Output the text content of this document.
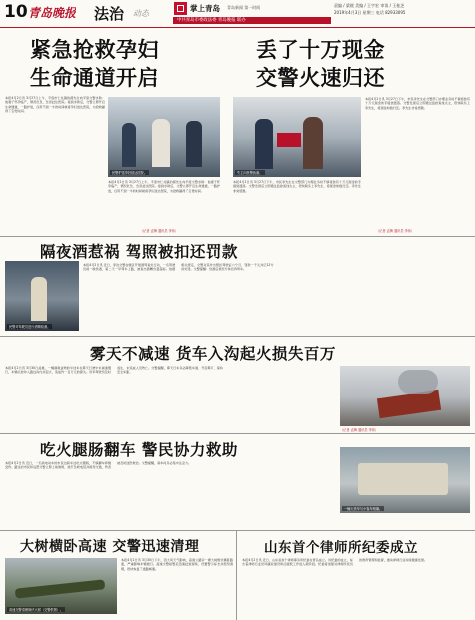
10 青岛晚报 法治 动态
掌上青岛 青岛新闻 第一时间	责编 / 梁媛 美编 / 王宇宏 审读 / 王桂芝
2019年4月3日 星期三 电话 82933095
中共青岛市委政法委 青岛晚报 联办
紧急抢救孕妇
生命通道开启
本报4月2日讯 3月27日上午，平度市仁兆镇的郝先生向平度交警求助：他妻子怀孕临产，情况危急，急需赶往医院。接到求助后，交警立即开启生命通道，一路护送，仅用不到一半的时间就将孕妇送达医院，为抢救赢得了宝贵时间。
民警护送孕妇抵达医院。
本报4月2日讯 3月27日上午，平度市仁兆镇的郝先生向平度交警求助：他妻子怀孕临产，情况危急，急需赶往医院。接到求助后，交警立即开启生命通道，一路护送，仅用不到一半的时间就将孕妇送达医院，为抢救赢得了宝贵时间。
（记者 孟梅 通讯员 李伟）
丢了十万现金
交警火速归还
失主向民警致谢。
本报4月2日讯 3月27日下午，市民李先生在交警部门办理业务时不慎将装有十万元现金的手提袋遗落。交警发现后立即通过监控查找失主，很快联系上李先生，将现金如数归还。李先生非常感激。
本报4月2日讯 3月27日下午，市民李先生在交警部门办理业务时不慎将装有十万元现金的手提袋遗落。交警发现后立即通过监控查找失主，很快联系上李先生，将现金如数归还。李先生非常感激。
（记者 孟梅 通讯员 李伟）
隔夜酒惹祸 驾照被扣还罚款
民警对驾驶员进行酒精检测。
本报4月2日讯 近日，李沧交警在辖区开展酒驾查处行动，一名驾驶员前一晚饮酒，第二天一早驾车上路，被查出酒精含量超标。依据相关规定，交警对其作出暂扣驾驶证六个月、罚款一千元并记12分的处罚。交警提醒：饮酒后须充分休息再驾车。
雾天不减速 货车入沟起火损失百万
本报4月2日讯 3月30日凌晨，一辆满载货物的半挂车在雾天行驶中未减速慢行，车辆失控冲入路边沟内并起火，造成约一百万元的损失。所幸驾驶员及时逃生，未造成人员伤亡。交警提醒，雾天行车务必降低车速、开启雾灯、保持安全车距。
（记者 孟梅 通讯员 李伟）
吃火腿肠翻车 警民协力救助
本报4月2日讯 近日，一名骑电动车的市民边骑车边吃火腿肠，不慎翻车摔倒受伤。路过的市民和巡逻交警立即上前施救，拨打急救电话并疏导交通，伤者被及时送医救治。交警提醒，骑车时务必集中注意力。
一辆大货车与小客车相撞。
大树横卧高速 交警迅速清理
高速交警清理倒伏大树（交警供图）。
本报4月2日讯 3月30日下午，因大风天气影响，高速公路旁一棵大树倒伏横卧路面，严重影响车辆通行。高速交警接警后迅速赶到现场，设置警示标志并组织清理，很快恢复了道路畅通。
山东首个律师所纪委成立
本报4月2日讯 近日，山东省首个律师事务所纪委在青岛成立。该纪委的成立，标志着律师行业党风廉政建设和反腐败工作进入新阶段。纪委将加强对律师所党员的教育管理和监督，推动律师行业持续健康发展。
